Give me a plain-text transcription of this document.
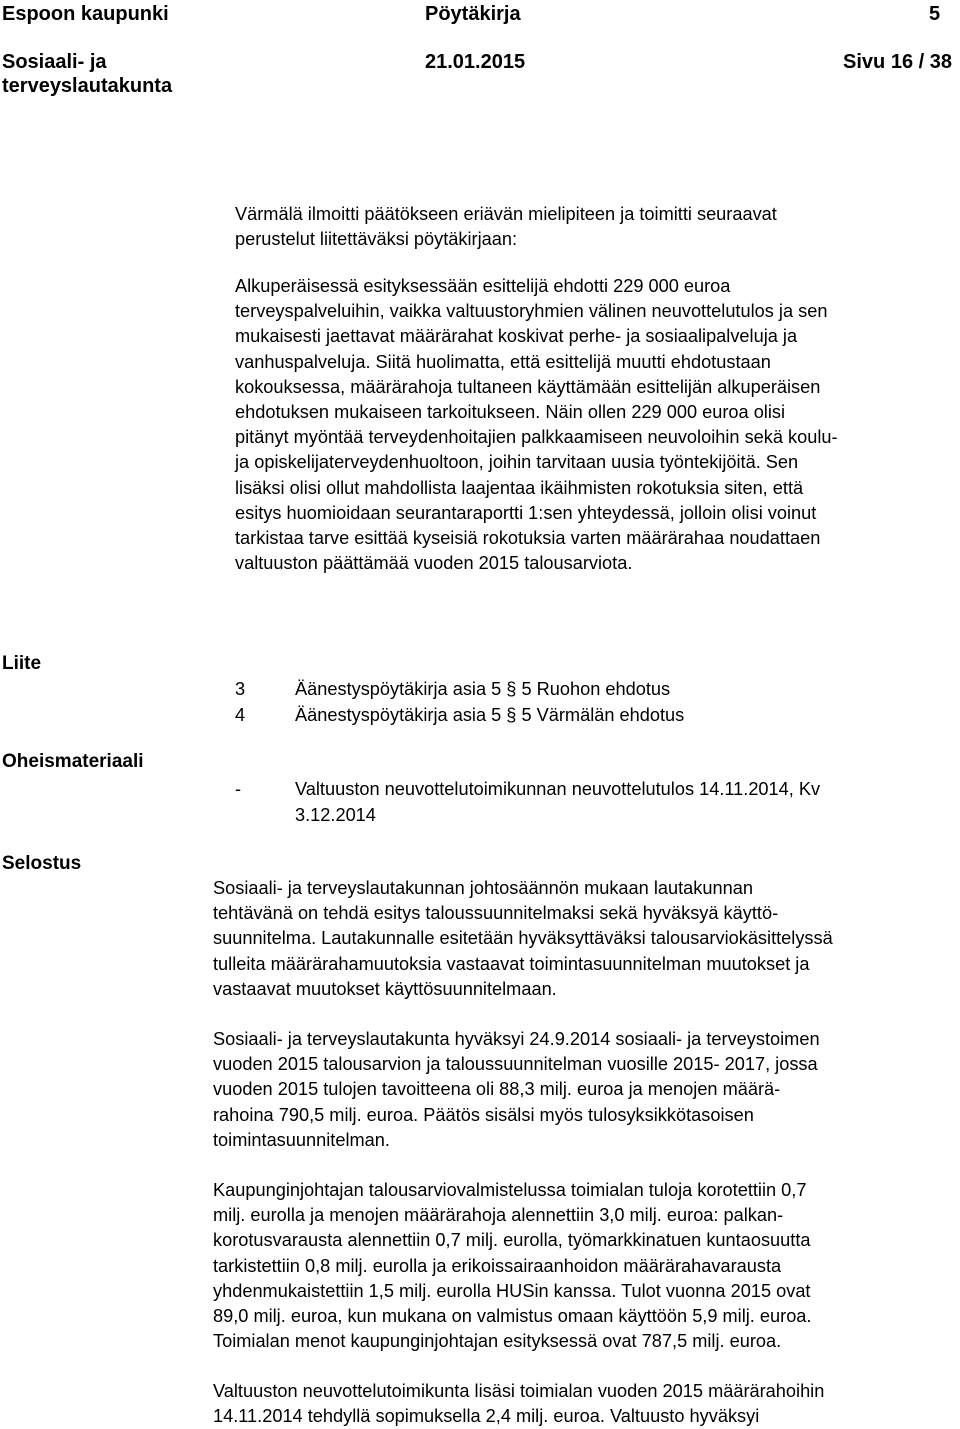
Espoon kaupunki	Pöytäkirja	5
Sosiaali- ja
terveyslautakunta
21.01.2015	Sivu 16 / 38
Värmälä ilmoitti päätökseen eriävän mielipiteen ja toimitti seuraavat
perustelut liitettäväksi pöytäkirjaan:
Alkuperäisessä esityksessään esittelijä ehdotti 229 000 euroa
terveyspalveluihin, vaikka valtuustoryhmien välinen neuvottelutulos ja sen
mukaisesti jaettavat määrärahat koskivat perhe- ja sosiaalipalveluja ja
vanhuspalveluja. Siitä huolimatta, että esittelijä muutti ehdotustaan
kokouksessa, määrärahoja tultaneen käyttämään esittelijän alkuperäisen
ehdotuksen mukaiseen tarkoitukseen. Näin ollen 229 000 euroa olisi
pitänyt myöntää terveydenhoitajien palkkaamiseen neuvoloihin sekä koulu-
ja opiskelijaterveydenhuoltoon, joihin tarvitaan uusia työntekijöitä. Sen
lisäksi olisi ollut mahdollista laajentaa ikäihmisten rokotuksia siten, että
esitys huomioidaan seurantaraportti 1:sen yhteydessä, jolloin olisi voinut
tarkistaa tarve esittää kyseisiä rokotuksia varten määrärahaa noudattaen
valtuuston päättämää vuoden 2015 talousarviota.
Liite
3	Äänestyspöytäkirja asia 5 § 5 Ruohon ehdotus
4	Äänestyspöytäkirja asia 5 § 5 Värmälän ehdotus
Oheismateriaali
-	Valtuuston neuvottelutoimikunnan neuvottelutulos 14.11.2014, Kv
3.12.2014
Selostus
Sosiaali- ja terveyslautakunnan johtosäännön mukaan lautakunnan
tehtävänä on tehdä esitys taloussuunnitelmaksi sekä hyväksyä käyttö-
suunnitelma. Lautakunnalle esitetään hyväksyttäväksi talousarviokäsittelyssä
tulleita määrärahamuutoksia vastaavat toimintasuunnitelman muutokset ja
vastaavat muutokset käyttösuunnitelmaan.
Sosiaali- ja terveyslautakunta hyväksyi 24.9.2014 sosiaali- ja terveystoimen
vuoden 2015 talousarvion ja taloussuunnitelman vuosille 2015- 2017, jossa
vuoden 2015 tulojen tavoitteena oli 88,3 milj. euroa ja menojen määrä-
rahoina 790,5 milj. euroa. Päätös sisälsi myös tulosyksikkötasoisen
toimintasuunnitelman.
Kaupunginjohtajan talousarviovalmistelussa toimialan tuloja korotettiin 0,7
milj. eurolla ja menojen määrärahoja alennettiin 3,0 milj. euroa: palkan-
korotusvarausta alennettiin 0,7 milj. eurolla, työmarkkinatuen kuntaosuutta
tarkistettiin 0,8 milj. eurolla ja erikoissairaanhoidon määrärahavarausta
yhdenmukaistettiin 1,5 milj. eurolla HUSin kanssa. Tulot vuonna 2015 ovat
89,0 milj. euroa, kun mukana on valmistus omaan käyttöön 5,9 milj. euroa.
Toimialan menot kaupunginjohtajan esityksessä ovat 787,5 milj. euroa.
Valtuuston neuvottelutoimikunta lisäsi toimialan vuoden 2015 määrärahoihin
14.11.2014 tehdyllä sopimuksella 2,4 milj. euroa. Valtuusto hyväksyi
